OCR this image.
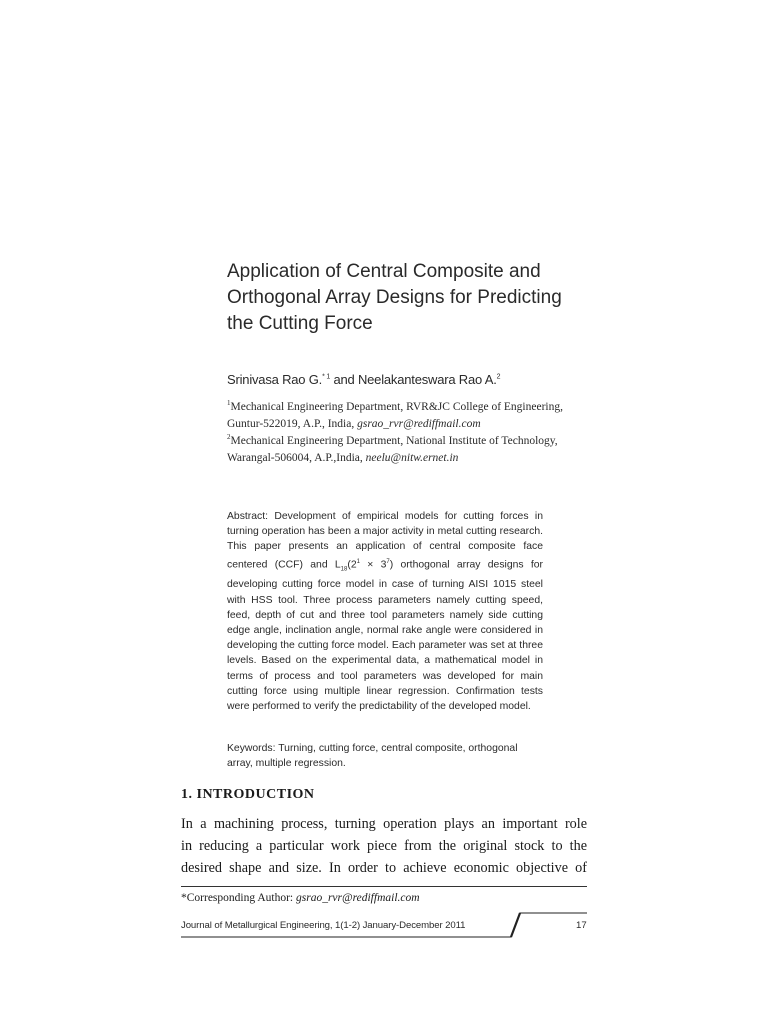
Application of Central Composite and
Orthogonal Array Designs for Predicting
the Cutting Force
Srinivasa Rao G.$^{* 1}$ and Neelakanteswara Rao A.$^2$
$^1$Mechanical Engineering Department, RVR&JC College of Engineering,
Guntur-522019, A.P., India, gsrao_rvr@rediffmail.com
$^2$Mechanical Engineering Department, National Institute of Technology,
Warangal-506004, A.P.,India, neelu@nitw.ernet.in

Abstract: Development of empirical models for cutting forces in turning operation has been a major activity in metal cutting research. This paper presents an application of central composite face centered (CCF) and $L_{18}(2^1 \times 3^7)$ orthogonal array designs for developing cutting force model in case of turning AISI 1015 steel with HSS tool. Three process parameters namely cutting speed, feed, depth of cut and three tool parameters namely side cutting edge angle, inclination angle, normal rake angle were considered in developing the cutting force model. Each parameter was set at three levels. Based on the experimental data, a mathematical model in terms of process and tool parameters was developed for main cutting force using multiple linear regression. Confirmation tests were performed to verify the predictability of the developed model.

Keywords: Turning, cutting force, central composite, orthogonal array, multiple regression.

1. INTRODUCTION

In a machining process, turning operation plays an important role
in reducing a particular work piece from the original stock to the
desired shape and size. In order to achieve economic objective of

*Corresponding Author: gsrao_rvr@rediffmail.com
Journal of Metallurgical Engineering, 1(1-2) January-December 2011	17
